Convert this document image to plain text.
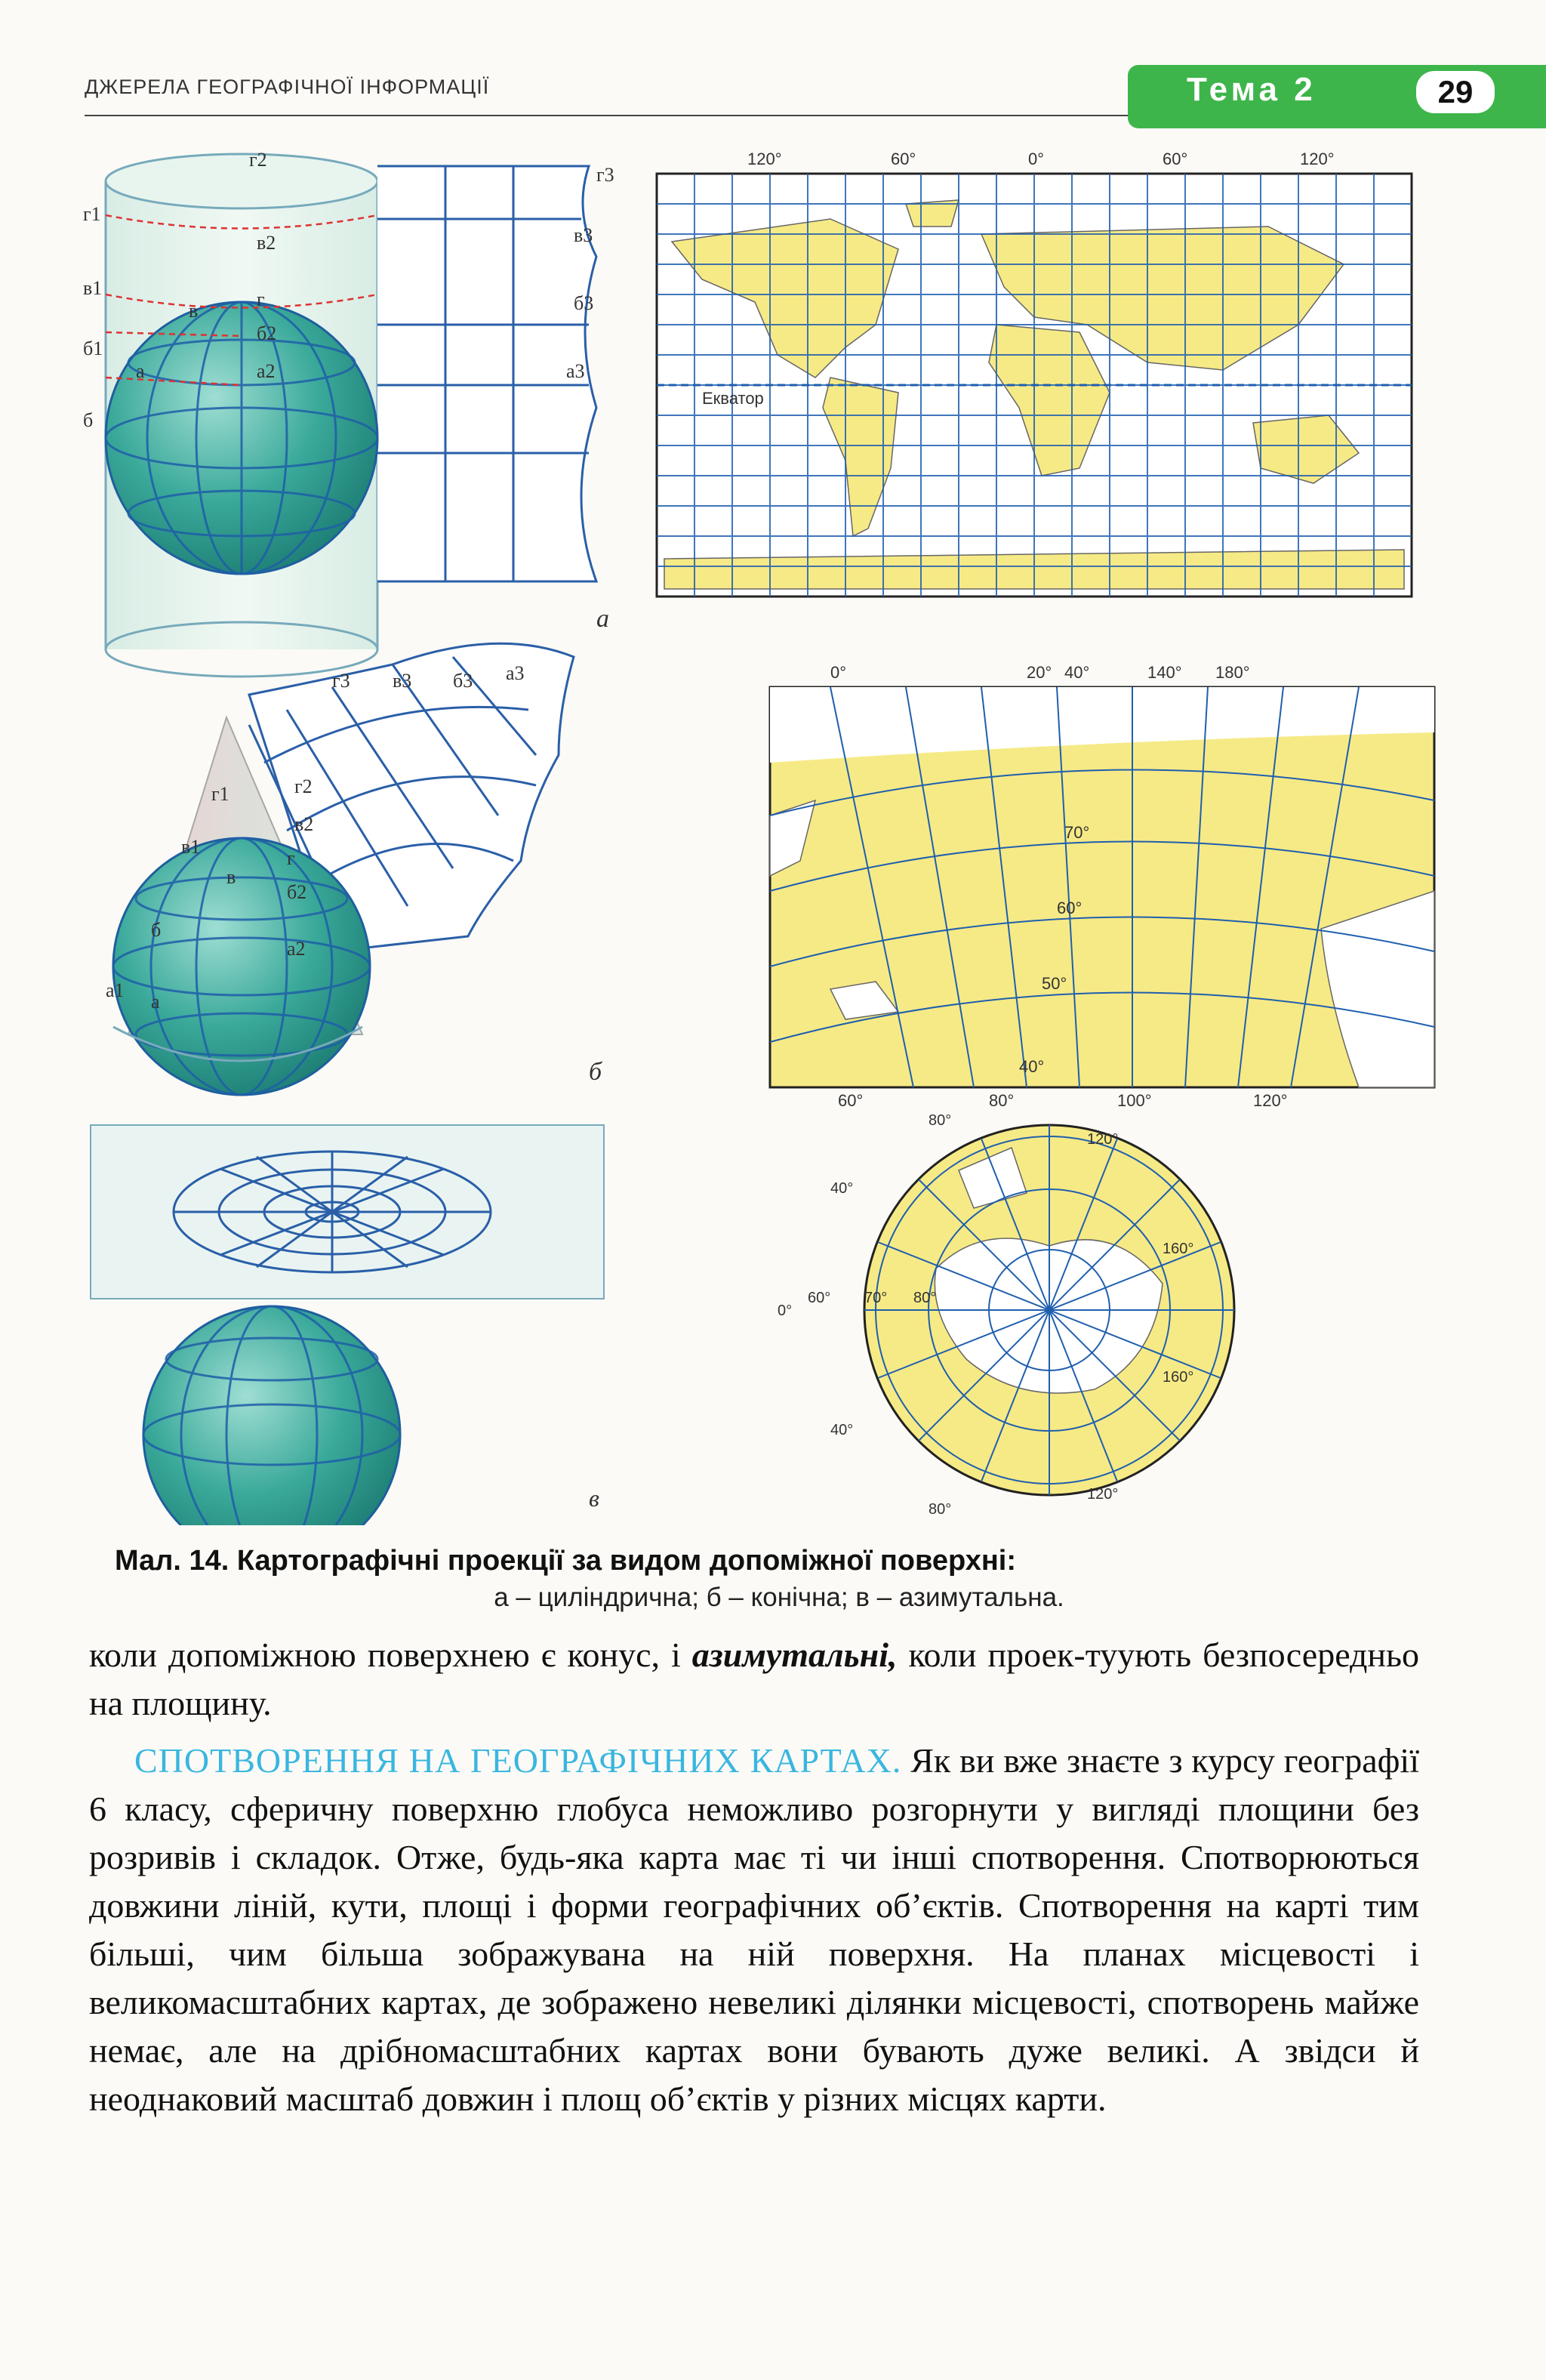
ДЖЕРЕЛА ГЕОГРАФІЧНОЇ ІНФОРМАЦІЇ	Тема 2	29
г2
г3
г1
в1
б1
б
в2
в
г
б2
а	а2
в3
б3
а3
а
120°	60°	0°	60°	120°
Екватор
г3 в3 б3 а3
г1
в1
б
а1
г2
в2
в
г
б2
а2
а
б
0°	20° 40°	140° 180°
70°
60°
50°
40°
60°	80°	100°	120°
в
80°
120°
40°
160°
0°
60° 70° 80°
160°
40°
80°
120°
Мал. 14. Картографічні проекції за видом допоміжної поверхні:
а – циліндрична; б – конічна; в – азимутальна.

коли допоміжною поверхнею є конус, і азимутальні, коли проек-туують безпосередньо на площину.

СПОТВОРЕННЯ НА ГЕОГРАФІЧНИХ КАРТАХ. Як ви вже знаєте з курсу географії 6 класу, сферичну поверхню глобуса неможливо розгорнути у вигляді площини без розривів і складок. Отже, будь-яка карта має ті чи інші спотворення. Спотворюються довжини ліній, кути, площі і форми географічних об’єктів. Спотворення на карті тим більші, чим більша зображувана на ній поверхня. На планах місцевості і великомасштабних картах, де зображено невеликі ділянки місцевості, спотворень майже немає, але на дрібномасштабних картах вони бувають дуже великі. А звідси й неоднаковий масштаб довжин і площ об’єктів у різних місцях карти.
